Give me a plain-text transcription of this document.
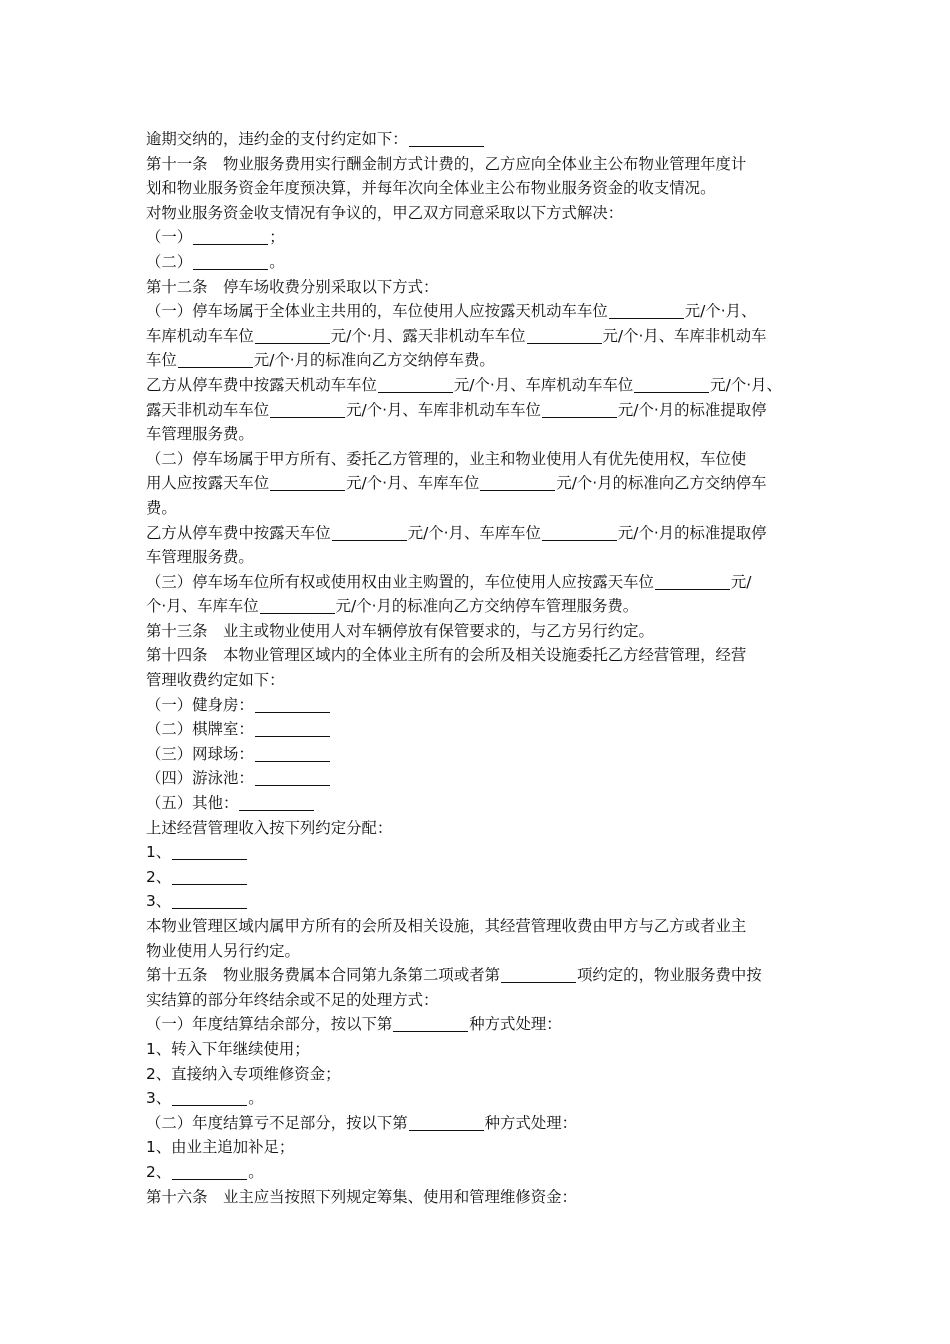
逾期交纳的，违约金的支付约定如下：
第十一条　物业服务费用实行酬金制方式计费的，乙方应向全体业主公布物业管理年度计
划和物业服务资金年度预决算，并每年次向全体业主公布物业服务资金的收支情况。
对物业服务资金收支情况有争议的，甲乙双方同意采取以下方式解决：
（一）	；
（二）	。
第十二条　停车场收费分别采取以下方式：
（一）停车场属于全体业主共用的，车位使用人应按露天机动车车位	元/个·月、
车库机动车车位	元/个·月、露天非机动车车位	元/个·月、车库非机动车
车位	元/个·月的标准向乙方交纳停车费。
乙方从停车费中按露天机动车车位	元/个·月、车库机动车车位	元/个·月、
露天非机动车车位	元/个·月、车库非机动车车位	元/个·月的标准提取停
车管理服务费。
（二）停车场属于甲方所有、委托乙方管理的，业主和物业使用人有优先使用权，车位使
用人应按露天车位	元/个·月、车库车位	元/个·月的标准向乙方交纳停车
费。
乙方从停车费中按露天车位	元/个·月、车库车位	元/个·月的标准提取停
车管理服务费。
（三）停车场车位所有权或使用权由业主购置的，车位使用人应按露天车位	元/
个·月、车库车位	元/个·月的标准向乙方交纳停车管理服务费。
第十三条　业主或物业使用人对车辆停放有保管要求的，与乙方另行约定。
第十四条　本物业管理区域内的全体业主所有的会所及相关设施委托乙方经营管理，经营
管理收费约定如下：
（一）健身房：
（二）棋牌室：
（三）网球场：
（四）游泳池：
（五）其他：
上述经营管理收入按下列约定分配：
1、
2、
3、
本物业管理区域内属甲方所有的会所及相关设施，其经营管理收费由甲方与乙方或者业主
物业使用人另行约定。
第十五条　物业服务费属本合同第九条第二项或者第	项约定的，物业服务费中按
实结算的部分年终结余或不足的处理方式：
（一）年度结算结余部分，按以下第	种方式处理：
1、转入下年继续使用；
2、直接纳入专项维修资金；
3、	。
（二）年度结算亏不足部分，按以下第	种方式处理：
1、由业主追加补足；
2、	。
第十六条　业主应当按照下列规定筹集、使用和管理维修资金：
